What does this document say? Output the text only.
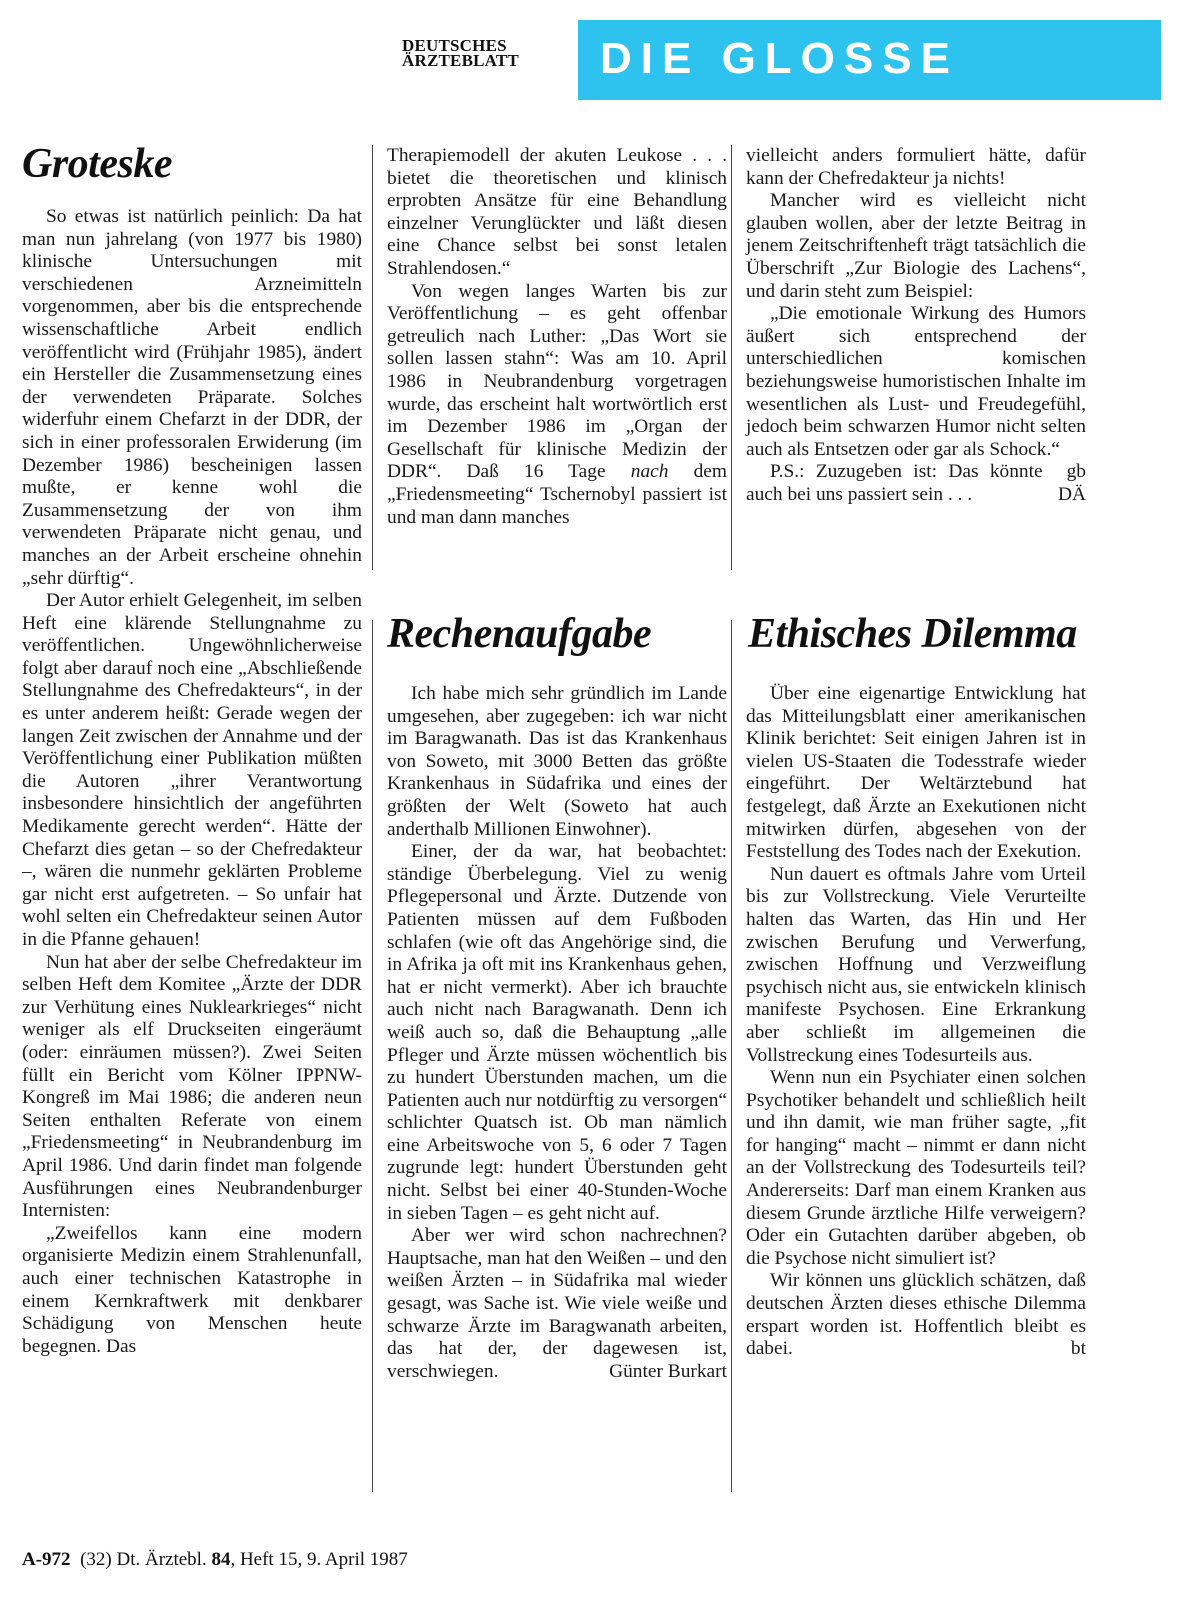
DEUTSCHES
ÄRZTEBLATT DIE GLOSSE
Groteske

So etwas ist natürlich peinlich: Da hat man nun jahrelang (von 1977 bis 1980) klinische Untersuchungen mit verschiedenen Arzneimitteln vorgenommen, aber bis die entsprechende wissenschaftliche Arbeit endlich veröffentlicht wird (Frühjahr 1985), ändert ein Hersteller die Zusammensetzung eines der verwendeten Präparate. Solches widerfuhr einem Chefarzt in der DDR, der sich in einer professoralen Erwiderung (im Dezember 1986) bescheinigen lassen mußte, er kenne wohl die Zusammensetzung der von ihm verwendeten Präparate nicht genau, und manches an der Arbeit erscheine ohnehin „sehr dürftig“.

Der Autor erhielt Gelegenheit, im selben Heft eine klärende Stellungnahme zu veröffentlichen. Ungewöhnlicherweise folgt aber darauf noch eine „Abschließende Stellungnahme des Chefredakteurs“, in der es unter anderem heißt: Gerade wegen der langen Zeit zwischen der Annahme und der Veröffentlichung einer Publikation müßten die Autoren „ihrer Verantwortung insbesondere hinsichtlich der angeführten Medikamente gerecht werden“. Hätte der Chefarzt dies getan – so der Chefredakteur –, wären die nunmehr geklärten Probleme gar nicht erst aufgetreten. – So unfair hat wohl selten ein Chefredakteur seinen Autor in die Pfanne gehauen!

Nun hat aber der selbe Chefredakteur im selben Heft dem Komitee „Ärzte der DDR zur Verhütung eines Nuklearkrieges“ nicht weniger als elf Druckseiten eingeräumt (oder: einräumen müssen?). Zwei Seiten füllt ein Bericht vom Kölner IPPNW-Kongreß im Mai 1986; die anderen neun Seiten enthalten Referate von einem „Friedensmeeting“ in Neubrandenburg im April 1986. Und darin findet man folgende Ausführungen eines Neubrandenburger Internisten:

„Zweifellos kann eine modern organisierte Medizin einem Strahlenunfall, auch einer technischen Katastrophe in einem Kernkraftwerk mit denkbarer Schädigung von Menschen heute begegnen. Das

Therapiemodell der akuten Leukose . . . bietet die theoretischen und klinisch erprobten Ansätze für eine Behandlung einzelner Verunglückter und läßt diesen eine Chance selbst bei sonst letalen Strahlendosen.“

Von wegen langes Warten bis zur Veröffentlichung – es geht offenbar getreulich nach Luther: „Das Wort sie sollen lassen stahn“: Was am 10. April 1986 in Neubrandenburg vorgetragen wurde, das erscheint halt wortwörtlich erst im Dezember 1986 im „Organ der Gesellschaft für klinische Medizin der DDR“. Daß 16 Tage nach dem „Friedensmeeting“ Tschernobyl passiert ist und man dann manches

vielleicht anders formuliert hätte, dafür kann der Chefredakteur ja nichts!

Mancher wird es vielleicht nicht glauben wollen, aber der letzte Beitrag in jenem Zeitschriftenheft trägt tatsächlich die Überschrift „Zur Biologie des Lachens“, und darin steht zum Beispiel:

„Die emotionale Wirkung des Humors äußert sich entsprechend der unterschiedlichen komischen beziehungsweise humoristischen Inhalte im wesentlichen als Lust- und Freudegefühl, jedoch beim schwarzen Humor nicht selten auch als Entsetzen oder gar als Schock.“
gb

P.S.: Zuzugeben ist: Das könnte auch bei uns passiert sein . . .	DÄ

Rechenaufgabe

Ich habe mich sehr gründlich im Lande umgesehen, aber zugegeben: ich war nicht im Baragwanath. Das ist das Krankenhaus von Soweto, mit 3000 Betten das größte Krankenhaus in Südafrika und eines der größten der Welt (Soweto hat auch anderthalb Millionen Einwohner).

Einer, der da war, hat beobachtet: ständige Überbelegung. Viel zu wenig Pflegepersonal und Ärzte. Dutzende von Patienten müssen auf dem Fußboden schlafen (wie oft das Angehörige sind, die in Afrika ja oft mit ins Krankenhaus gehen, hat er nicht vermerkt). Aber ich brauchte auch nicht nach Baragwanath. Denn ich weiß auch so, daß die Behauptung „alle Pfleger und Ärzte müssen wöchentlich bis zu hundert Überstunden machen, um die Patienten auch nur notdürftig zu versorgen“ schlichter Quatsch ist. Ob man nämlich eine Arbeitswoche von 5, 6 oder 7 Tagen zugrunde legt: hundert Überstunden geht nicht. Selbst bei einer 40-Stunden-Woche in sieben Tagen – es geht nicht auf.

Aber wer wird schon nachrechnen? Hauptsache, man hat den Weißen – und den weißen Ärzten – in Südafrika mal wieder gesagt, was Sache ist. Wie viele weiße und schwarze Ärzte im Baragwanath arbeiten, das hat der, der dagewesen ist, verschwiegen.	Günter Burkart

Ethisches Dilemma

Über eine eigenartige Entwicklung hat das Mitteilungsblatt einer amerikanischen Klinik berichtet: Seit einigen Jahren ist in vielen US-Staaten die Todesstrafe wieder eingeführt. Der Weltärztebund hat festgelegt, daß Ärzte an Exekutionen nicht mitwirken dürfen, abgesehen von der Feststellung des Todes nach der Exekution.

Nun dauert es oftmals Jahre vom Urteil bis zur Vollstreckung. Viele Verurteilte halten das Warten, das Hin und Her zwischen Berufung und Verwerfung, zwischen Hoffnung und Verzweiflung psychisch nicht aus, sie entwickeln klinisch manifeste Psychosen. Eine Erkrankung aber schließt im allgemeinen die Vollstreckung eines Todesurteils aus.

Wenn nun ein Psychiater einen solchen Psychotiker behandelt und schließlich heilt und ihn damit, wie man früher sagte, „fit for hanging“ macht – nimmt er dann nicht an der Vollstreckung des Todesurteils teil? Andererseits: Darf man einem Kranken aus diesem Grunde ärztliche Hilfe verweigern? Oder ein Gutachten darüber abgeben, ob die Psychose nicht simuliert ist?

Wir können uns glücklich schätzen, daß deutschen Ärzten dieses ethische Dilemma erspart worden ist. Hoffentlich bleibt es dabei.	bt

A-972 (32) Dt. Ärztebl. 84, Heft 15, 9. April 1987
